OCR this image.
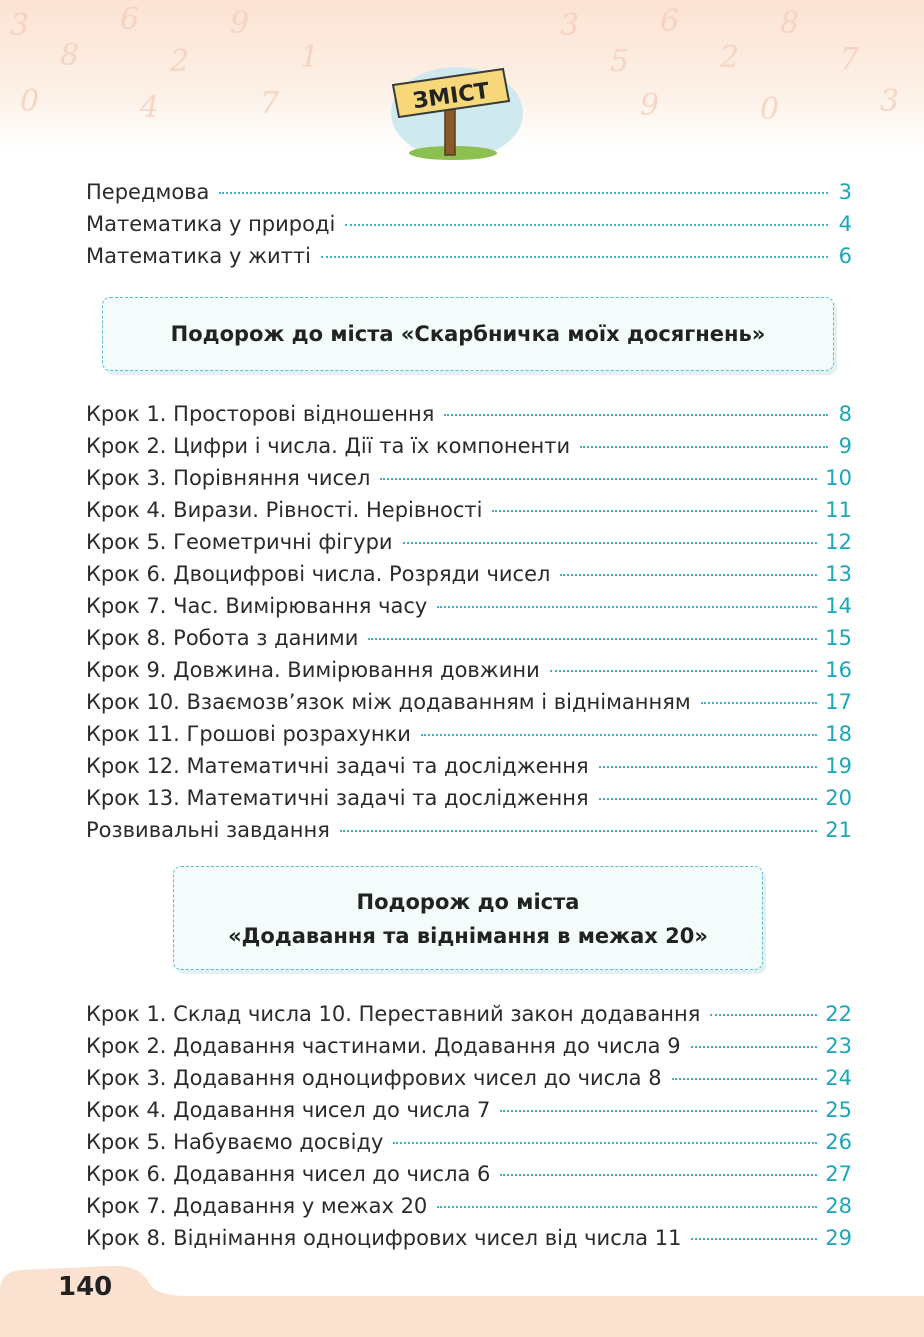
3
8
6
2
9
1
3
5
6
2
8
7
0	4	7	9	0	3
ЗМІСТ
Передмова	3
Математика у природі	4
Математика у житті	6
Подорож до міста «Скарбничка моїх досягнень»
Крок 1. Просторові відношення	8
Крок 2. Цифри і числа. Дії та їх компоненти	9
Крок 3. Порівняння чисел	10
Крок 4. Вирази. Рівності. Нерівності	11
Крок 5. Геометричні фігури	12
Крок 6. Двоцифрові числа. Розряди чисел	13
Крок 7. Час. Вимірювання часу	14
Крок 8. Робота з даними	15
Крок 9. Довжина. Вимірювання довжини	16
Крок 10. Взаємозв’язок між додаванням і відніманням	17
Крок 11. Грошові розрахунки	18
Крок 12. Математичні задачі та дослідження	19
Крок 13. Математичні задачі та дослідження	20
Розвивальні завдання	21
Подорож до міста
«Додавання та віднімання в межах 20»
Крок 1. Склад числа 10. Переставний закон додавання	22
Крок 2. Додавання частинами. Додавання до числа 9	23
Крок 3. Додавання одноцифрових чисел до числа 8	24
Крок 4. Додавання чисел до числа 7	25
Крок 5. Набуваємо досвіду	26
Крок 6. Додавання чисел до числа 6	27
Крок 7. Додавання у межах 20	28
Крок 8. Віднімання одноцифрових чисел від числа 11	29
140
